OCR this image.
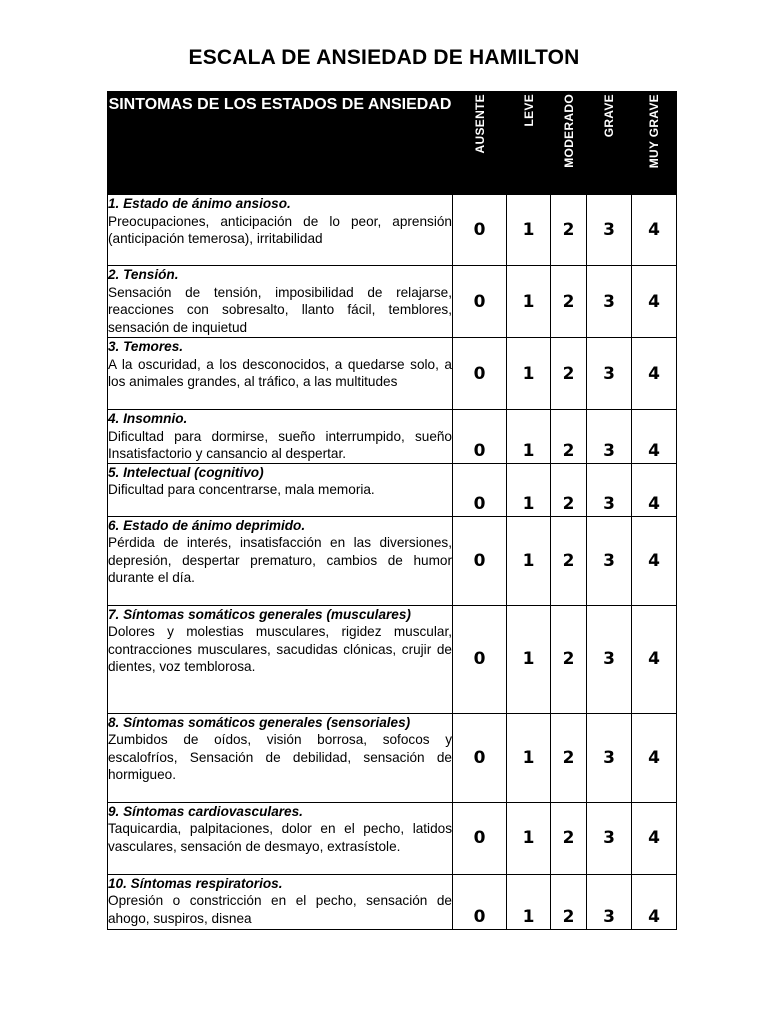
ESCALA DE ANSIEDAD DE HAMILTON
SINTOMAS DE LOS ESTADOS DE ANSIEDAD	AUSENTE	LEVE	MODERADO	GRAVE	MUY GRAVE

1. Estado de ánimo ansioso.
Preocupaciones, anticipación de lo peor, aprensión (anticipación temerosa), irritabilidad	0	1	2	3	4

2. Tensión.
Sensación de tensión, imposibilidad de relajarse, reacciones con sobresalto, llanto fácil, temblores, sensación de inquietud	0	1	2	3	4

3. Temores.
A la oscuridad, a los desconocidos, a quedarse solo, a los animales grandes, al tráfico, a las multitudes	0	1	2	3	4

4. Insomnio.
Dificultad para dormirse, sueño interrumpido, sueño Insatisfactorio y cansancio al despertar.	0	1	2	3	4

5. Intelectual (cognitivo)
Dificultad para concentrarse, mala memoria.	0	1	2	3	4

6. Estado de ánimo deprimido.
Pérdida de interés, insatisfacción en las diversiones, depresión, despertar prematuro, cambios de humor durante el día.	0	1	2	3	4

7. Síntomas somáticos generales (musculares)
Dolores y molestias musculares, rigidez muscular, contracciones musculares, sacudidas clónicas, crujir de dientes, voz temblorosa.	0	1	2	3	4

8. Síntomas somáticos generales (sensoriales)
Zumbidos de oídos, visión borrosa, sofocos y escalofríos, Sensación de debilidad, sensación de hormigueo.	0	1	2	3	4

9. Síntomas cardiovasculares.
Taquicardia, palpitaciones, dolor en el pecho, latidos vasculares, sensación de desmayo, extrasístole.	0	1	2	3	4

10. Síntomas respiratorios.
Opresión o constricción en el pecho, sensación de ahogo, suspiros, disnea	0	1	2	3	4
